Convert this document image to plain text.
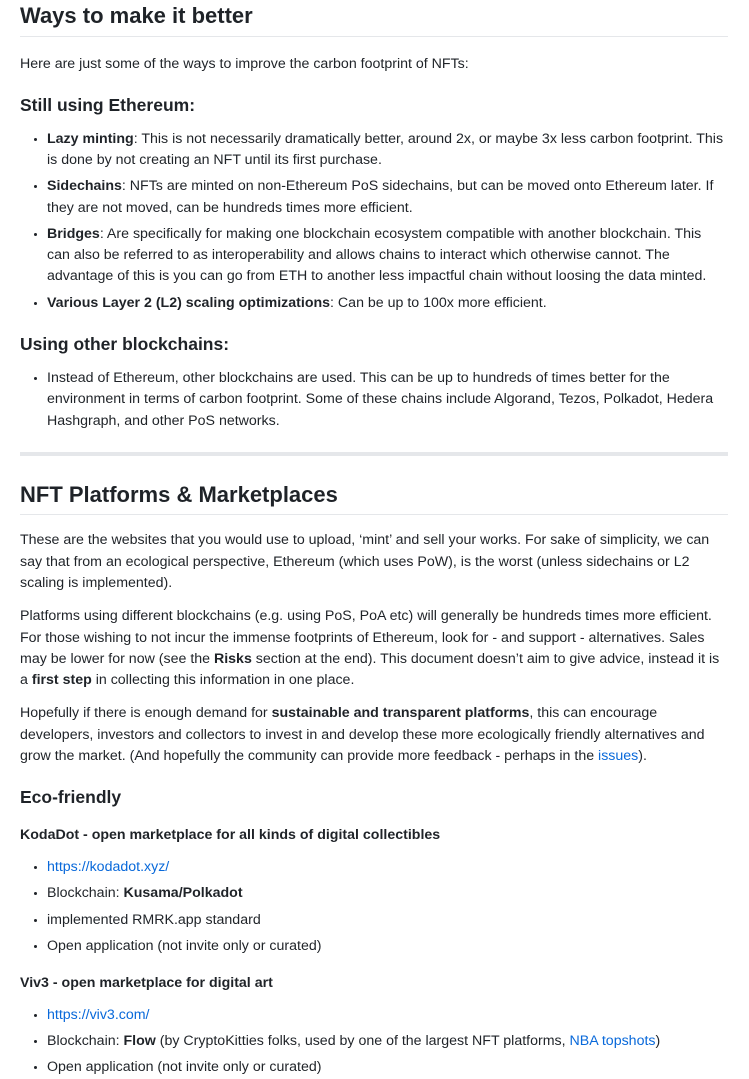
Ways to make it better

Here are just some of the ways to improve the carbon footprint of NFTs:

Still using Ethereum:
• Lazy minting: This is not necessarily dramatically better, around 2x, or maybe 3x less carbon footprint. This is done by not creating an NFT until its first purchase.
• Sidechains: NFTs are minted on non-Ethereum PoS sidechains, but can be moved onto Ethereum later. If they are not moved, can be hundreds times more efficient.
• Bridges: Are specifically for making one blockchain ecosystem compatible with another blockchain. This can also be referred to as interoperability and allows chains to interact which otherwise cannot. The advantage of this is you can go from ETH to another less impactful chain without loosing the data minted.
• Various Layer 2 (L2) scaling optimizations: Can be up to 100x more efficient.
Using other blockchains:
• Instead of Ethereum, other blockchains are used. This can be up to hundreds of times better for the environment in terms of carbon footprint. Some of these chains include Algorand, Tezos, Polkadot, Hedera Hashgraph, and other PoS networks.
NFT Platforms & Marketplaces

These are the websites that you would use to upload, ‘mint’ and sell your works. For sake of simplicity, we can say that from an ecological perspective, Ethereum (which uses PoW), is the worst (unless sidechains or L2 scaling is implemented).

Platforms using different blockchains (e.g. using PoS, PoA etc) will generally be hundreds times more efficient. For those wishing to not incur the immense footprints of Ethereum, look for - and support - alternatives. Sales may be lower for now (see the Risks section at the end). This document doesn’t aim to give advice, instead it is a first step in collecting this information in one place.

Hopefully if there is enough demand for sustainable and transparent platforms, this can encourage developers, investors and collectors to invest in and develop these more ecologically friendly alternatives and grow the market. (And hopefully the community can provide more feedback - perhaps in the issues).

Eco-friendly
KodaDot - open marketplace for all kinds of digital collectibles
• https://kodadot.xyz/
• Blockchain: Kusama/Polkadot
• implemented RMRK.app standard
• Open application (not invite only or curated)
Viv3 - open marketplace for digital art
• https://viv3.com/
• Blockchain: Flow (by CryptoKitties folks, used by one of the largest NFT platforms, NBA topshots)
• Open application (not invite only or curated)
